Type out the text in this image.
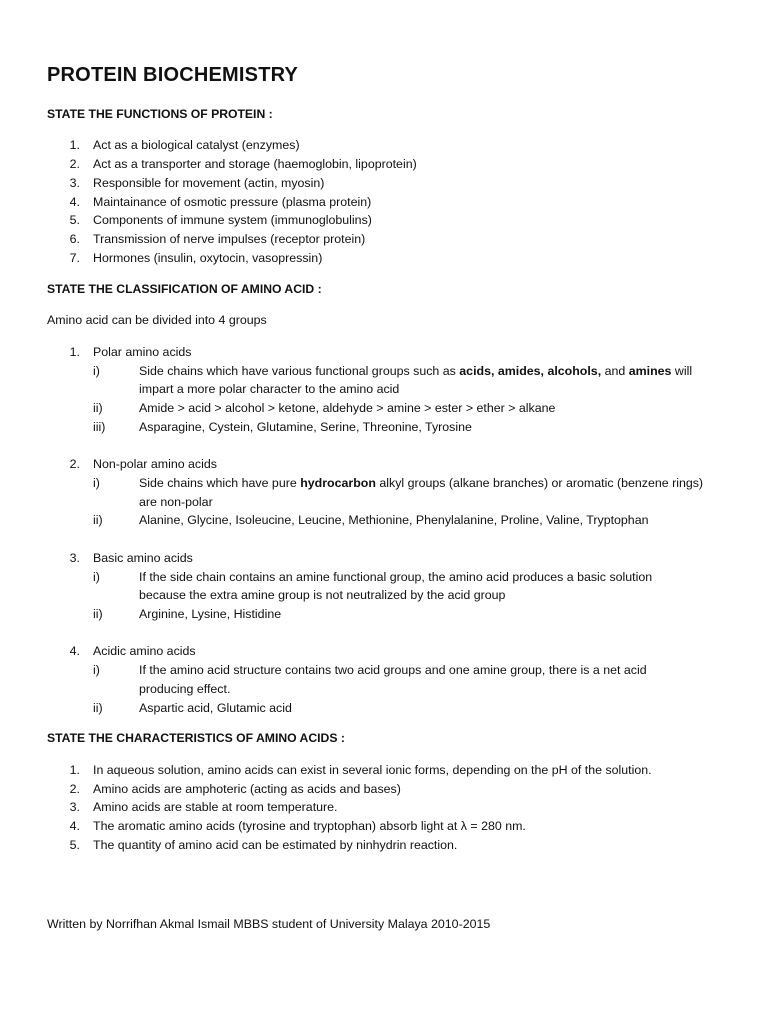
PROTEIN BIOCHEMISTRY
STATE THE FUNCTIONS OF PROTEIN :
1. Act as a biological catalyst (enzymes)
2. Act as a transporter and storage (haemoglobin, lipoprotein)
3. Responsible for movement (actin, myosin)
4. Maintainance of osmotic pressure (plasma protein)
5. Components of immune system (immunoglobulins)
6. Transmission of nerve impulses (receptor protein)
7. Hormones (insulin, oxytocin, vasopressin)
STATE THE CLASSIFICATION OF AMINO ACID :
Amino acid can be divided into 4 groups
1. Polar amino acids
i)	Side chains which have various functional groups such as acids, amides, alcohols, and amines will
impart a more polar character to the amino acid
ii)	Amide > acid > alcohol > ketone, aldehyde > amine > ester > ether > alkane
iii)	Asparagine, Cystein, Glutamine, Serine, Threonine, Tyrosine
2. Non-polar amino acids
i)	Side chains which have pure hydrocarbon alkyl groups (alkane branches) or aromatic (benzene rings)
are non-polar
ii)	Alanine, Glycine, Isoleucine, Leucine, Methionine, Phenylalanine, Proline, Valine, Tryptophan
3. Basic amino acids
i)	If the side chain contains an amine functional group, the amino acid produces a basic solution
because the extra amine group is not neutralized by the acid group
ii)	Arginine, Lysine, Histidine
4. Acidic amino acids
i)	If the amino acid structure contains two acid groups and one amine group, there is a net acid
producing effect.
ii)	Aspartic acid, Glutamic acid
STATE THE CHARACTERISTICS OF AMINO ACIDS :
1. In aqueous solution, amino acids can exist in several ionic forms, depending on the pH of the solution.
2. Amino acids are amphoteric (acting as acids and bases)
3. Amino acids are stable at room temperature.
4. The aromatic amino acids (tyrosine and tryptophan) absorb light at λ = 280 nm.
5. The quantity of amino acid can be estimated by ninhydrin reaction.
Written by Norrifhan Akmal Ismail MBBS student of University Malaya 2010-2015
